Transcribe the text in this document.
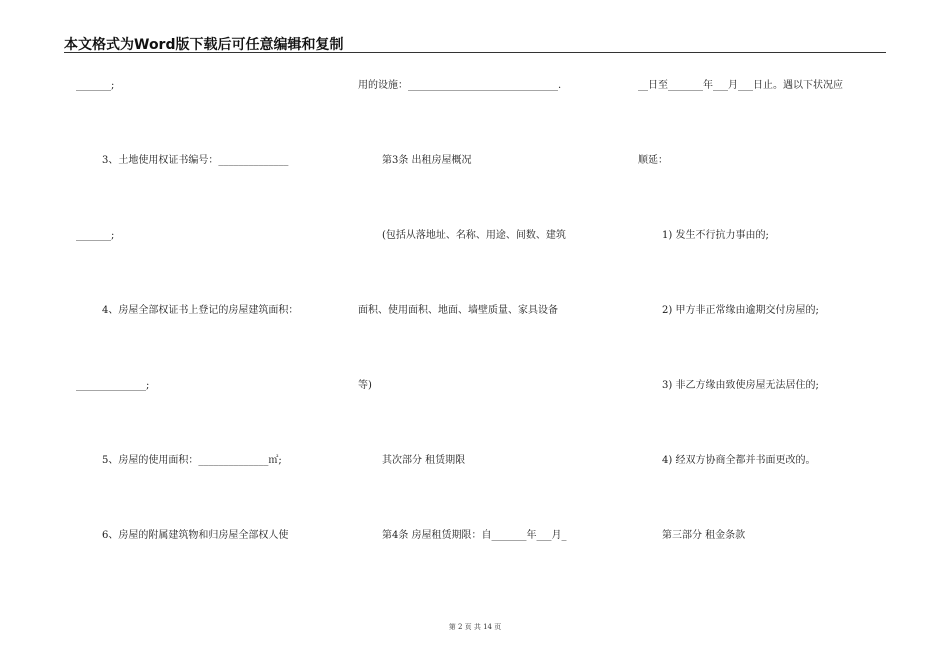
本文格式为Word版下载后可任意编辑和复制
_______;
3、土地使用权证书编号：______________
_______;
4、房屋全部权证书上登记的房屋建筑面积：
______________;
5、房屋的使用面积：______________㎡;
6、房屋的附属建筑物和归房屋全部权人使
用的设施：______________________________.
第3条 出租房屋概况
(包括从落地址、名称、用途、间数、建筑
面积、使用面积、地面、墙壁质量、家具设备
等)
其次部分 租赁期限
第4条 房屋租赁期限：自_______年___月_
__日至_______年___月___日止。遇以下状况应
顺延：
1) 发生不行抗力事由的;
2) 甲方非正常缘由逾期交付房屋的;
3) 非乙方缘由致使房屋无法居住的;
4) 经双方协商全都并书面更改的。
第三部分 租金条款
第 2 页 共 14 页
